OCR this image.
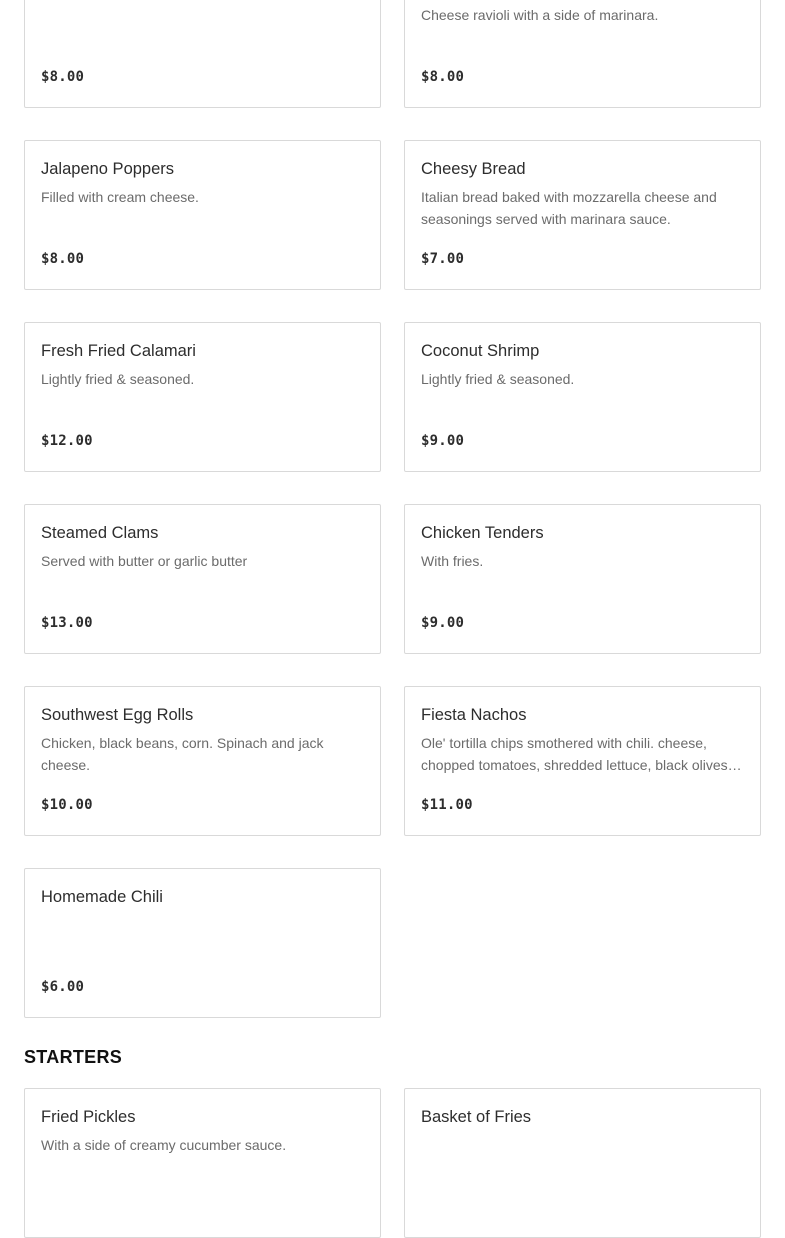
$8.00
Cheese ravioli with a side of marinara.
$8.00
Jalapeno Poppers
Filled with cream cheese.
$8.00
Cheesy Bread
Italian bread baked with mozzarella cheese and seasonings served with marinara sauce.
$7.00
Fresh Fried Calamari
Lightly fried & seasoned.
$12.00
Coconut Shrimp
Lightly fried & seasoned.
$9.00
Steamed Clams
Served with butter or garlic butter
$13.00
Chicken Tenders
With fries.
$9.00
Southwest Egg Rolls
Chicken, black beans, corn. Spinach and jack cheese.
$10.00
Fiesta Nachos
Ole' tortilla chips smothered with chili. cheese, chopped tomatoes, shredded lettuce, black olives…
$11.00
Homemade Chili
$6.00
STARTERS
Fried Pickles
With a side of creamy cucumber sauce.
Basket of Fries
